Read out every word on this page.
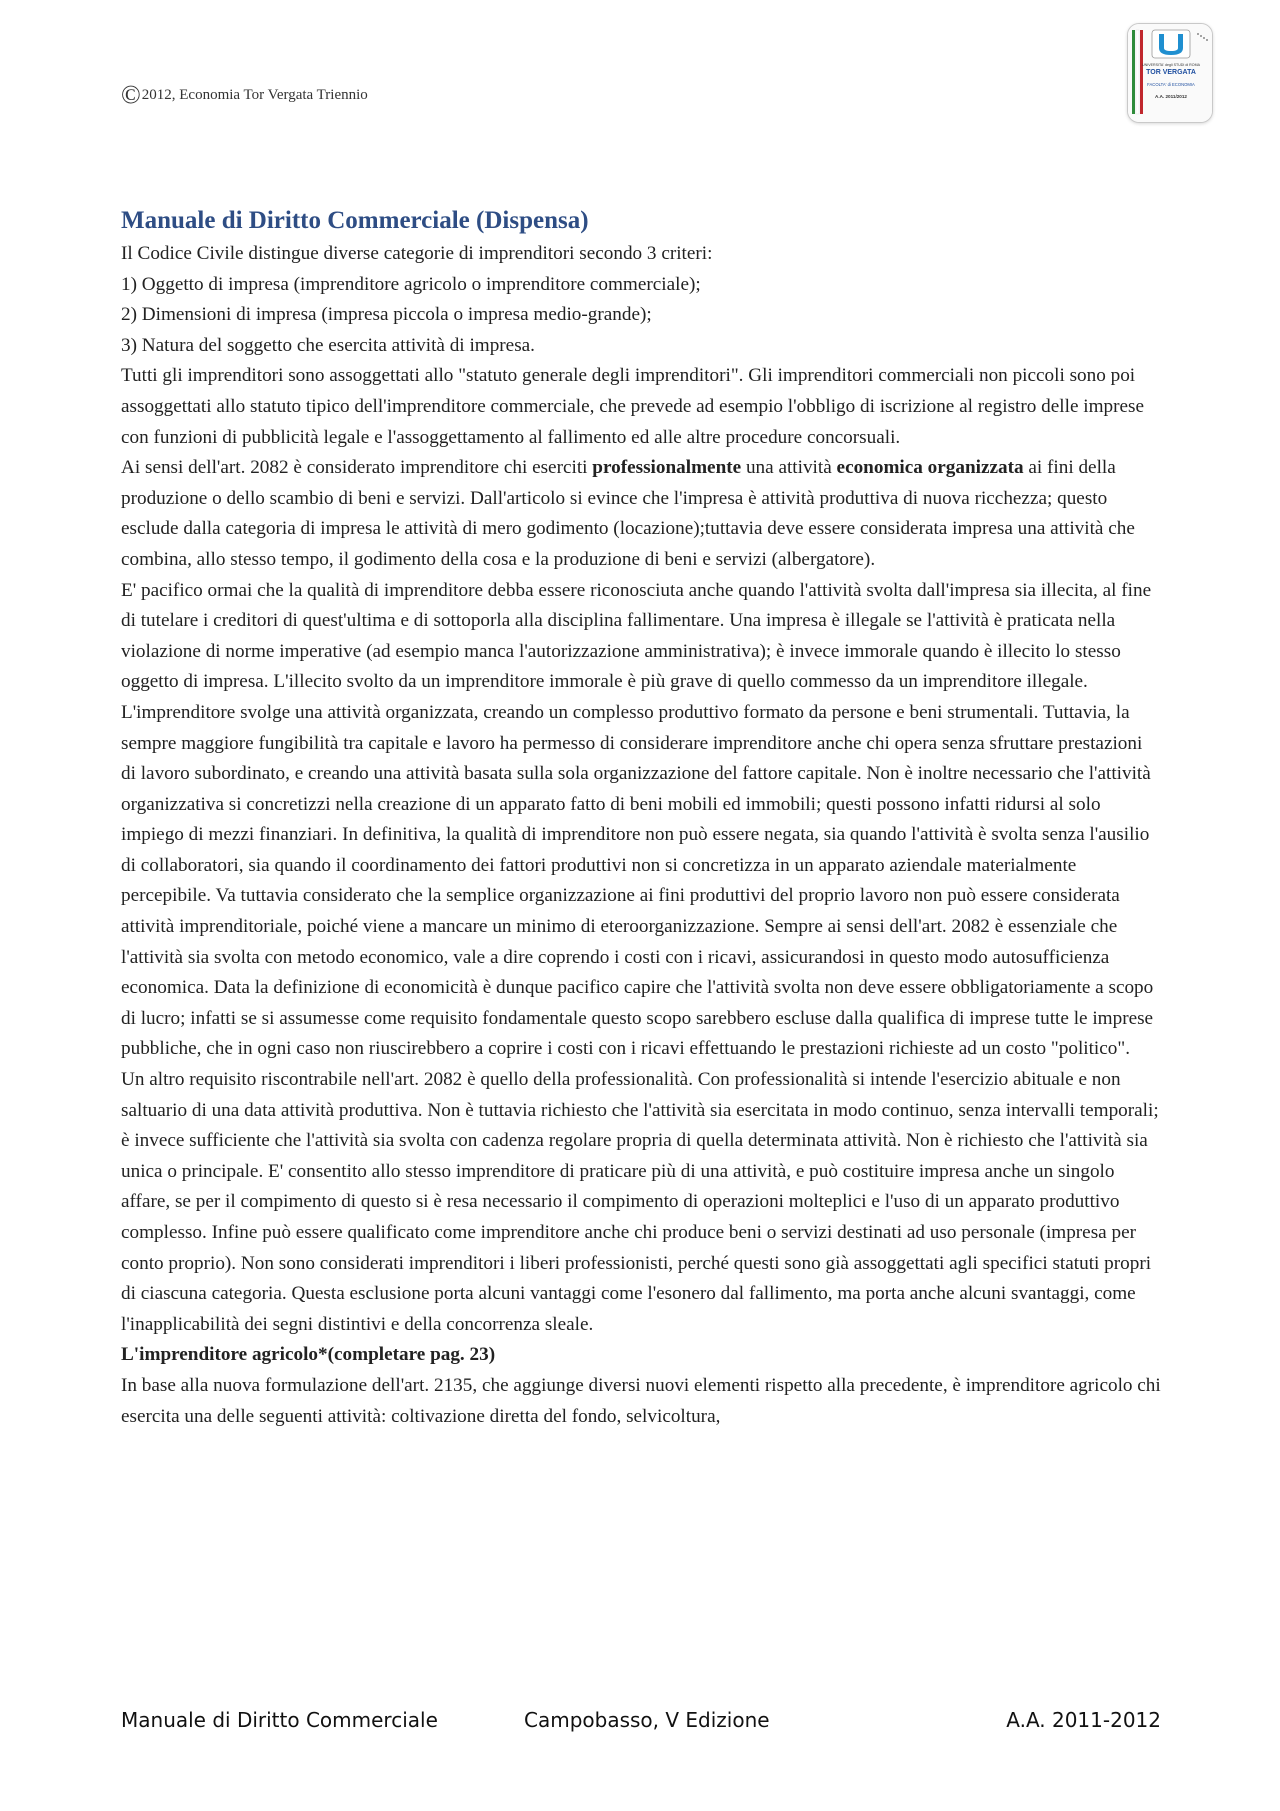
©2012, Economia Tor Vergata Triennio
UNIVERSITA' degli STUDI di ROMA
TOR VERGATA
FACOLTA' di ECONOMIA
A.A. 2011/2012
Manuale di Diritto Commerciale (Dispensa)

Il Codice Civile distingue diverse categorie di imprenditori secondo 3 criteri:

1) Oggetto di impresa (imprenditore agricolo o imprenditore commerciale);

2) Dimensioni di impresa (impresa piccola o impresa medio-grande);

3) Natura del soggetto che esercita attività di impresa.

Tutti gli imprenditori sono assoggettati allo "statuto generale degli imprenditori". Gli imprenditori commerciali non piccoli sono poi assoggettati allo statuto tipico dell'imprenditore commerciale, che prevede ad esempio l'obbligo di iscrizione al registro delle imprese con funzioni di pubblicità legale e l'assoggettamento al fallimento ed alle altre procedure concorsuali.

Ai sensi dell'art. 2082 è considerato imprenditore chi eserciti professionalmente una attività economica organizzata ai fini della produzione o dello scambio di beni e servizi. Dall'articolo si evince che l'impresa è attività produttiva di nuova ricchezza; questo esclude dalla categoria di impresa le attività di mero godimento (locazione);tuttavia deve essere considerata impresa una attività che combina, allo stesso tempo, il godimento della cosa e la produzione di beni e servizi (albergatore).

E' pacifico ormai che la qualità di imprenditore debba essere riconosciuta anche quando l'attività svolta dall'impresa sia illecita, al fine di tutelare i creditori di quest'ultima e di sottoporla alla disciplina fallimentare. Una impresa è illegale se l'attività è praticata nella violazione di norme imperative (ad esempio manca l'autorizzazione amministrativa); è invece immorale quando è illecito lo stesso oggetto di impresa. L'illecito svolto da un imprenditore immorale è più grave di quello commesso da un imprenditore illegale.

L'imprenditore svolge una attività organizzata, creando un complesso produttivo formato da persone e beni strumentali. Tuttavia, la sempre maggiore fungibilità tra capitale e lavoro ha permesso di considerare imprenditore anche chi opera senza sfruttare prestazioni di lavoro subordinato, e creando una attività basata sulla sola organizzazione del fattore capitale. Non è inoltre necessario che l'attività organizzativa si concretizzi nella creazione di un apparato fatto di beni mobili ed immobili; questi possono infatti ridursi al solo impiego di mezzi finanziari. In definitiva, la qualità di imprenditore non può essere negata, sia quando l'attività è svolta senza l'ausilio di collaboratori, sia quando il coordinamento dei fattori produttivi non si concretizza in un apparato aziendale materialmente percepibile. Va tuttavia considerato che la semplice organizzazione ai fini produttivi del proprio lavoro non può essere considerata attività imprenditoriale, poiché viene a mancare un minimo di eteroorganizzazione. Sempre ai sensi dell'art. 2082 è essenziale che l'attività sia svolta con metodo economico, vale a dire coprendo i costi con i ricavi, assicurandosi in questo modo autosufficienza economica. Data la definizione di economicità è dunque pacifico capire che l'attività svolta non deve essere obbligatoriamente a scopo di lucro; infatti se si assumesse come requisito fondamentale questo scopo sarebbero escluse dalla qualifica di imprese tutte le imprese pubbliche, che in ogni caso non riuscirebbero a coprire i costi con i ricavi effettuando le prestazioni richieste ad un costo "politico".

Un altro requisito riscontrabile nell'art. 2082 è quello della professionalità. Con professionalità si intende l'esercizio abituale e non saltuario di una data attività produttiva. Non è tuttavia richiesto che l'attività sia esercitata in modo continuo, senza intervalli temporali; è invece sufficiente che l'attività sia svolta con cadenza regolare propria di quella determinata attività. Non è richiesto che l'attività sia unica o principale. E' consentito allo stesso imprenditore di praticare più di una attività, e può costituire impresa anche un singolo affare, se per il compimento di questo si è resa necessario il compimento di operazioni molteplici e l'uso di un apparato produttivo complesso. Infine può essere qualificato come imprenditore anche chi produce beni o servizi destinati ad uso personale (impresa per conto proprio). Non sono considerati imprenditori i liberi professionisti, perché questi sono già assoggettati agli specifici statuti propri di ciascuna categoria. Questa esclusione porta alcuni vantaggi come l'esonero dal fallimento, ma porta anche alcuni svantaggi, come l'inapplicabilità dei segni distintivi e della concorrenza sleale.

L'imprenditore agricolo*(completare pag. 23)

In base alla nuova formulazione dell'art. 2135, che aggiunge diversi nuovi elementi rispetto alla precedente, è imprenditore agricolo chi esercita una delle seguenti attività: coltivazione diretta del fondo, selvicoltura,

Manuale di Diritto Commerciale	Campobasso, V Edizione	A.A. 2011-2012
